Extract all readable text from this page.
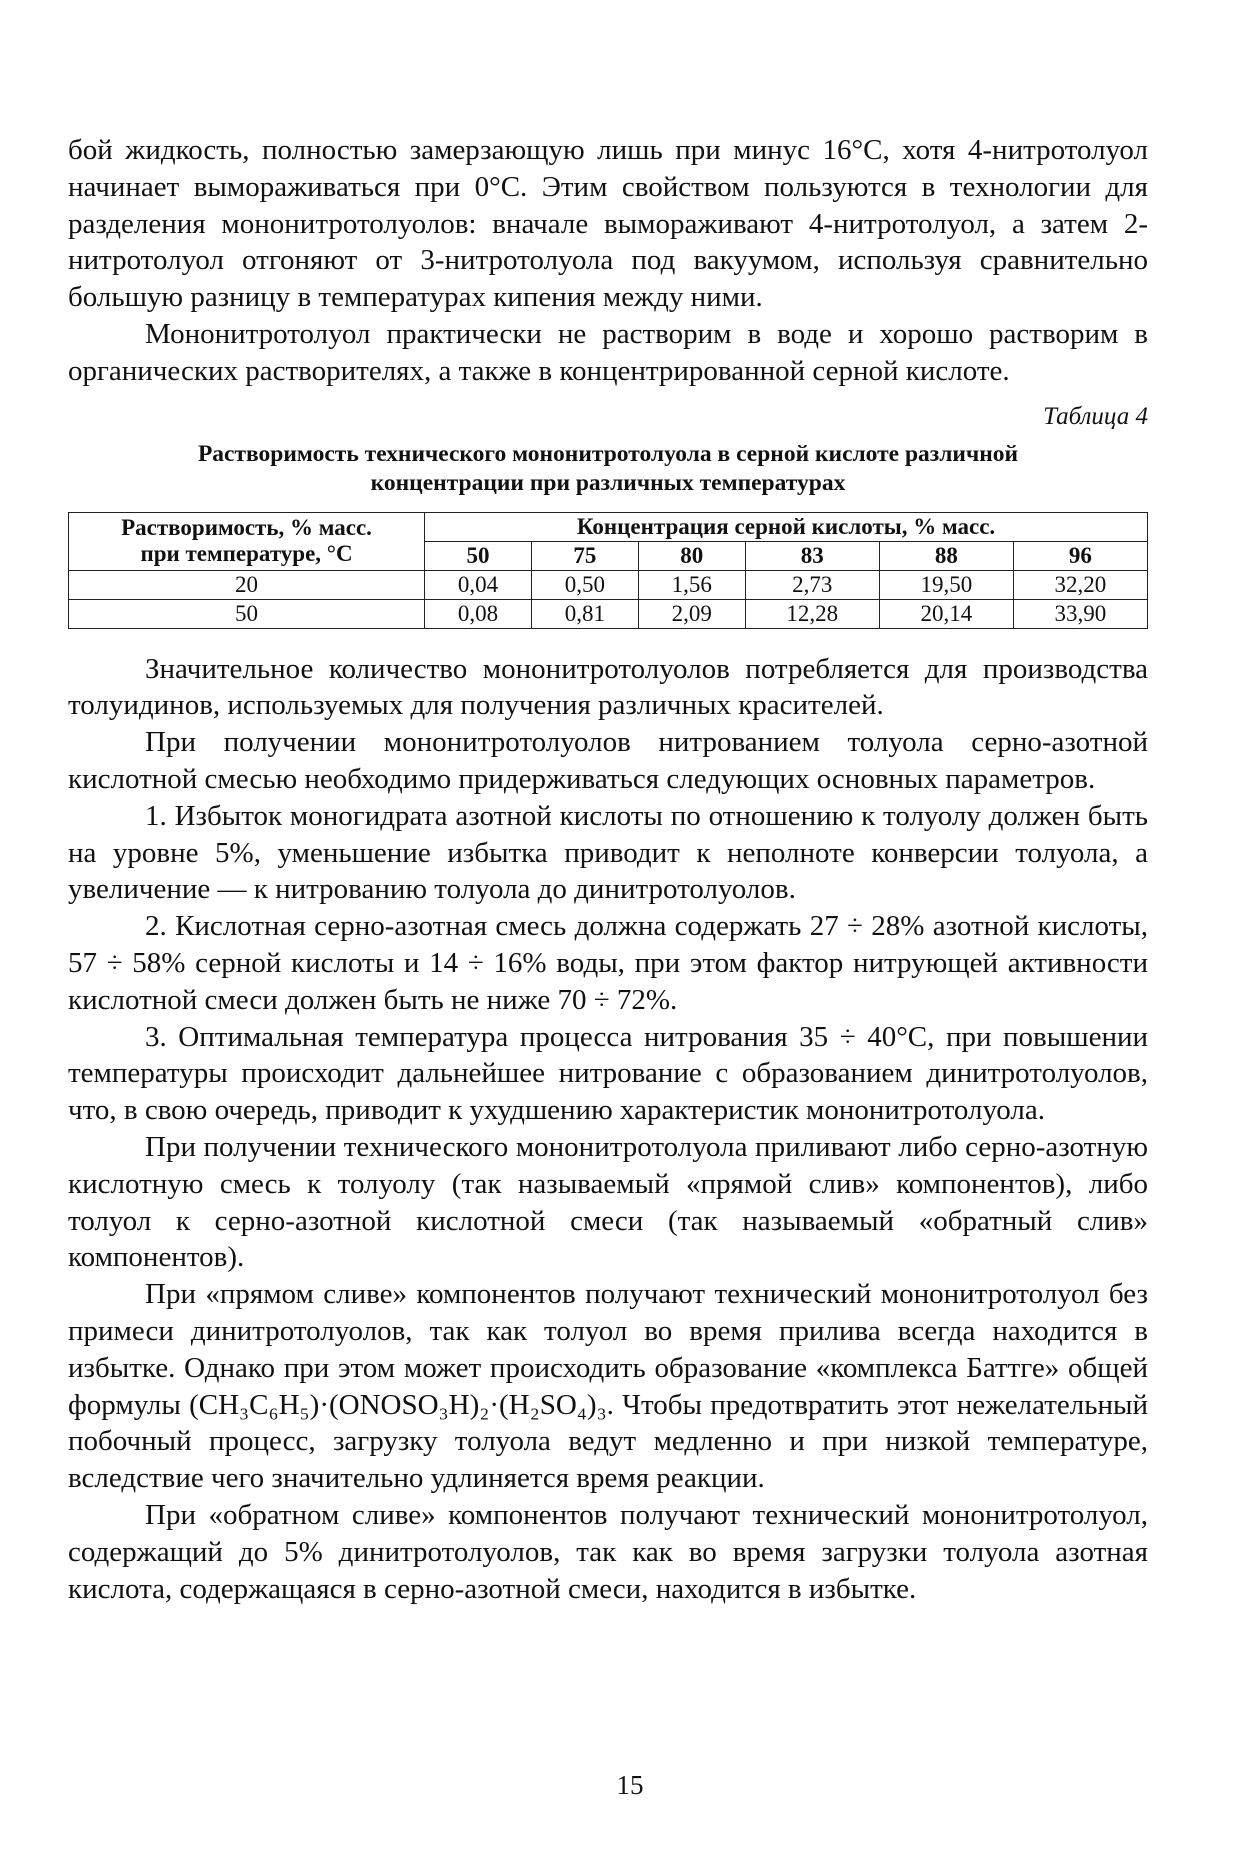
бой жидкость, полностью замерзающую лишь при минус 16°С, хотя 4-нитротолуол начинает вымораживаться при 0°С. Этим свойством пользуются в технологии для разделения мононитротолуолов: вначале вымораживают 4-нитротолуол, а затем 2-нитротолуол отгоняют от 3-нитротолуола под вакуумом, используя сравнительно большую разницу в температурах кипения между ними.

Мононитротолуол практически не растворим в воде и хорошо растворим в органических растворителях, а также в концентрированной серной кислоте.

Таблица 4
Растворимость технического мононитротолуола в серной кислоте различной
концентрации при различных температурах
Растворимость, % масс.
при температуре, °С	Концентрация серной кислоты, % масс.					
	50	75	80	83	88	96
20	0,04	0,50	1,56	2,73	19,50	32,20
50	0,08	0,81	2,09	12,28	20,14	33,90

Значительное количество мононитротолуолов потребляется для производства толуидинов, используемых для получения различных красителей.

При получении мононитротолуолов нитрованием толуола серно-азотной кислотной смесью необходимо придерживаться следующих основных параметров.

1. Избыток моногидрата азотной кислоты по отношению к толуолу должен быть на уровне 5%, уменьшение избытка приводит к неполноте конверсии толуола, а увеличение — к нитрованию толуола до динитротолуолов.

2. Кислотная серно-азотная смесь должна содержать 27 ÷ 28% азотной кислоты, 57 ÷ 58% серной кислоты и 14 ÷ 16% воды, при этом фактор нитрующей активности кислотной смеси должен быть не ниже 70 ÷ 72%.

3. Оптимальная температура процесса нитрования 35 ÷ 40°С, при повышении температуры происходит дальнейшее нитрование с образованием динитротолуолов, что, в свою очередь, приводит к ухудшению характеристик мононитротолуола.

При получении технического мононитротолуола приливают либо серно-азотную кислотную смесь к толуолу (так называемый «прямой слив» компонентов), либо толуол к серно-азотной кислотной смеси (так называемый «обратный слив» компонентов).

При «прямом сливе» компонентов получают технический мононитротолуол без примеси динитротолуолов, так как толуол во время прилива всегда находится в избытке. Однако при этом может происходить образование «комплекса Баттге» общей формулы (CH₃C₆H₅)·(ONOSO₃H)₂·(H₂SO₄)₃. Чтобы предотвратить этот нежелательный побочный процесс, загрузку толуола ведут медленно и при низкой температуре, вследствие чего значительно удлиняется время реакции.

При «обратном сливе» компонентов получают технический мононитротолуол, содержащий до 5% динитротолуолов, так как во время загрузки толуола азотная кислота, содержащаяся в серно-азотной смеси, находится в избытке.

15
